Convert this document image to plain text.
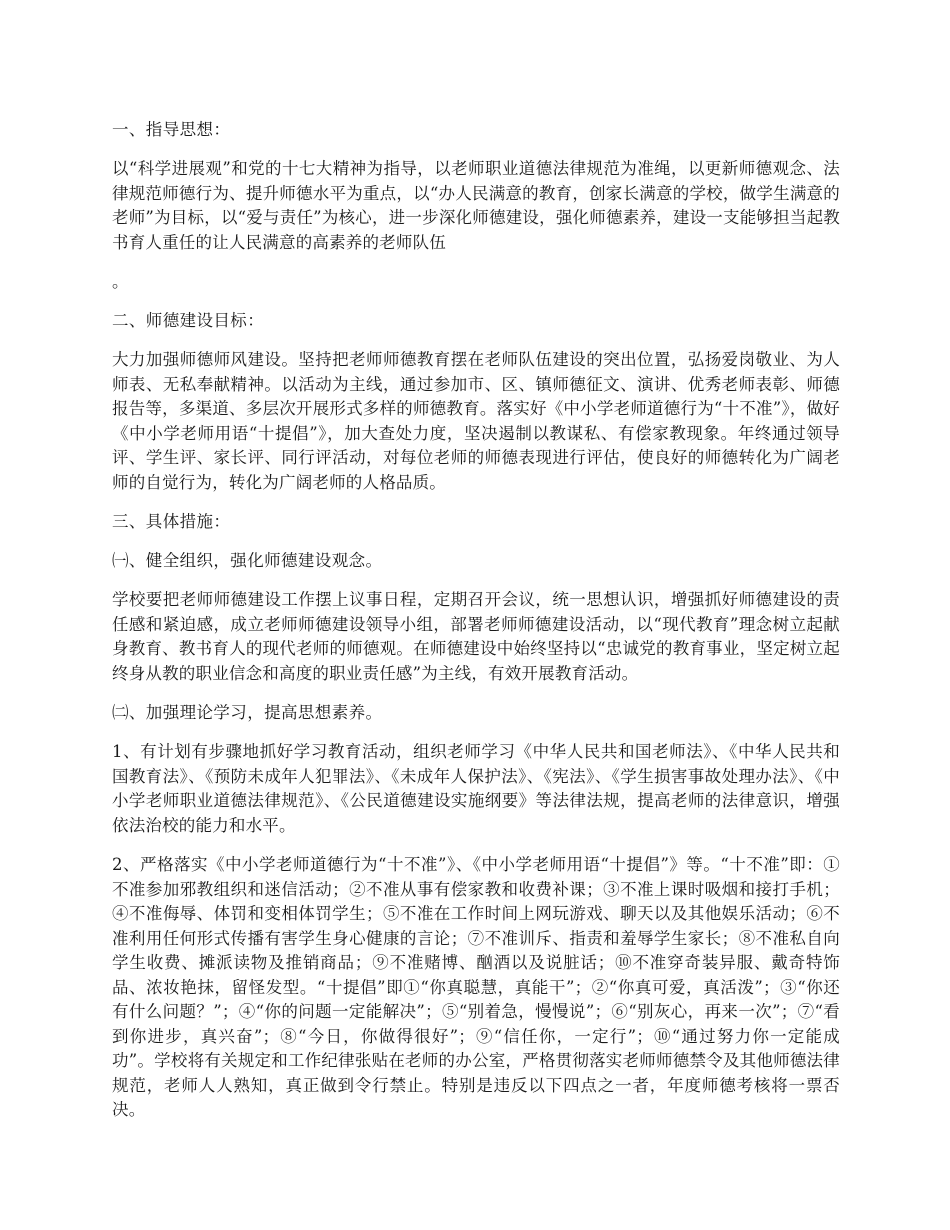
一、指导思想：
以“科学进展观”和党的十七大精神为指导，以老师职业道德法律规范为准绳，以更新师德观念、法律规范师德行为、提升师德水平为重点，以“办人民满意的教育，创家长满意的学校，做学生满意的老师”为目标，以“爱与责任”为核心，进一步深化师德建设，强化师德素养，建设一支能够担当起教书育人重任的让人民满意的高素养的老师队伍
。
二、师德建设目标：
大力加强师德师风建设。坚持把老师师德教育摆在老师队伍建设的突出位置，弘扬爱岗敬业、为人师表、无私奉献精神。以活动为主线，通过参加市、区、镇师德征文、演讲、优秀老师表彰、师德报告等，多渠道、多层次开展形式多样的师德教育。落实好《中小学老师道德行为“十不准”》，做好《中小学老师用语“十提倡”》，加大查处力度，坚决遏制以教谋私、有偿家教现象。年终通过领导评、学生评、家长评、同行评活动，对每位老师的师德表现进行评估，使良好的师德转化为广阔老师的自觉行为，转化为广阔老师的人格品质。
三、具体措施：
㈠、健全组织，强化师德建设观念。
学校要把老师师德建设工作摆上议事日程，定期召开会议，统一思想认识，增强抓好师德建设的责任感和紧迫感，成立老师师德建设领导小组，部署老师师德建设活动，以“现代教育”理念树立起献身教育、教书育人的现代老师的师德观。在师德建设中始终坚持以“忠诚党的教育事业，坚定树立起终身从教的职业信念和高度的职业责任感”为主线，有效开展教育活动。
㈡、加强理论学习，提高思想素养。
1、有计划有步骤地抓好学习教育活动，组织老师学习《中华人民共和国老师法》、《中华人民共和国教育法》、《预防未成年人犯罪法》、《未成年人保护法》、《宪法》、《学生损害事故处理办法》、《中小学老师职业道德法律规范》、《公民道德建设实施纲要》等法律法规，提高老师的法律意识，增强依法治校的能力和水平。
2、严格落实《中小学老师道德行为“十不准”》、《中小学老师用语“十提倡”》等。“十不准”即：①不准参加邪教组织和迷信活动；②不准从事有偿家教和收费补课；③不准上课时吸烟和接打手机；④不准侮辱、体罚和变相体罚学生；⑤不准在工作时间上网玩游戏、聊天以及其他娱乐活动；⑥不准利用任何形式传播有害学生身心健康的言论；⑦不准训斥、指责和羞辱学生家长；⑧不准私自向学生收费、摊派读物及推销商品；⑨不准赌博、酗酒以及说脏话；⑩不准穿奇装异服、戴奇特饰品、浓妆艳抹，留怪发型。“十提倡”即①“你真聪慧，真能干”；②“你真可爱，真活泼”；③“你还有什么问题？”；④“你的问题一定能解决”；⑤“别着急，慢慢说”；⑥“别灰心，再来一次”；⑦“看到你进步，真兴奋”；⑧“今日，你做得很好”；⑨“信任你，一定行”；⑩“通过努力你一定能成功”。学校将有关规定和工作纪律张贴在老师的办公室，严格贯彻落实老师师德禁令及其他师德法律规范，老师人人熟知，真正做到令行禁止。特别是违反以下四点之一者，年度师德考核将一票否决。
